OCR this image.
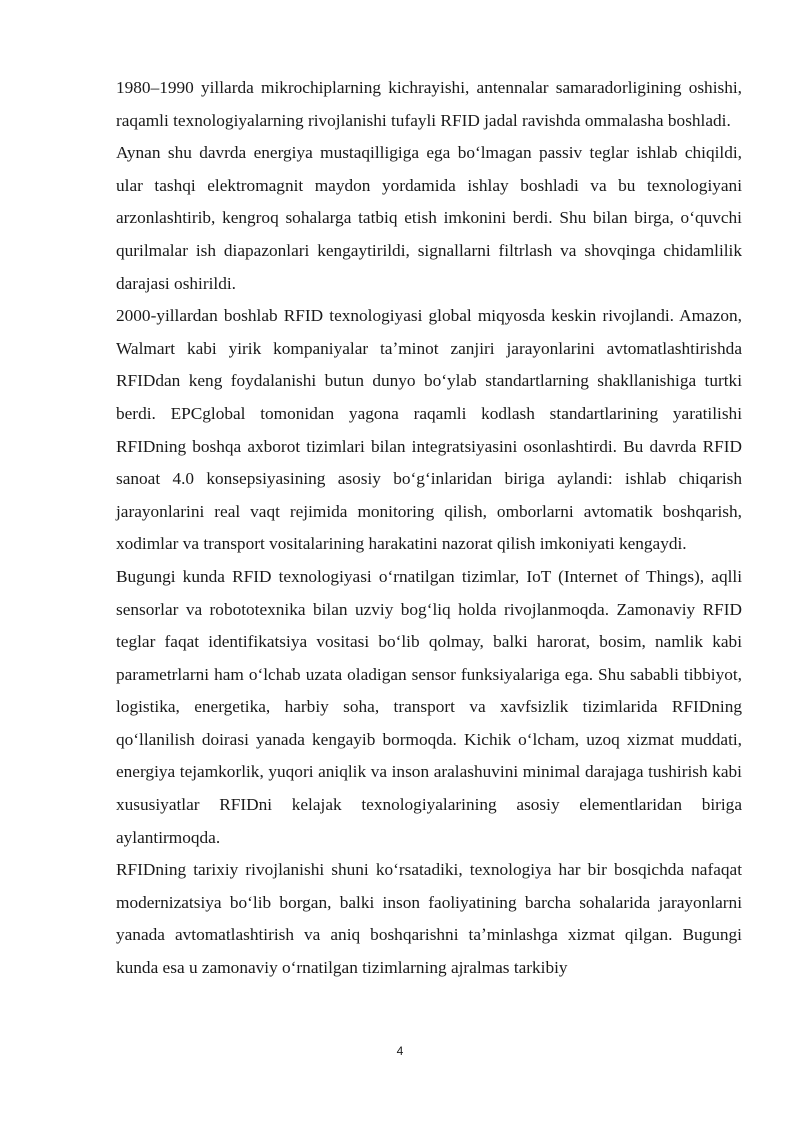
1980–1990 yillarda mikrochiplarning kichrayishi, antennalar samaradorligining oshishi, raqamli texnologiyalarning rivojlanishi tufayli RFID jadal ravishda ommalasha boshladi.

Aynan shu davrda energiya mustaqilligiga ega boʻlmagan passiv teglar ishlab chiqildi, ular tashqi elektromagnit maydon yordamida ishlay boshladi va bu texnologiyani arzonlashtirib, kengroq sohalarga tatbiq etish imkonini berdi. Shu bilan birga, oʻquvchi qurilmalar ish diapazonlari kengaytirildi, signallarni filtrlash va shovqinga chidamlilik darajasi oshirildi.

2000-yillardan boshlab RFID texnologiyasi global miqyosda keskin rivojlandi. Amazon, Walmart kabi yirik kompaniyalar taʼminot zanjiri jarayonlarini avtomatlashtirishda RFIDdan keng foydalanishi butun dunyo boʻylab standartlarning shakllanishiga turtki berdi. EPCglobal tomonidan yagona raqamli kodlash standartlarining yaratilishi RFIDning boshqa axborot tizimlari bilan integratsiyasini osonlashtirdi. Bu davrda RFID sanoat 4.0 konsepsiyasining asosiy boʻgʻinlaridan biriga aylandi: ishlab chiqarish jarayonlarini real vaqt rejimida monitoring qilish, omborlarni avtomatik boshqarish, xodimlar va transport vositalarining harakatini nazorat qilish imkoniyati kengaydi.

Bugungi kunda RFID texnologiyasi oʻrnatilgan tizimlar, IoT (Internet of Things), aqlli sensorlar va robototexnika bilan uzviy bogʻliq holda rivojlanmoqda. Zamonaviy RFID teglar faqat identifikatsiya vositasi boʻlib qolmay, balki harorat, bosim, namlik kabi parametrlarni ham oʻlchab uzata oladigan sensor funksiyalariga ega. Shu sababli tibbiyot, logistika, energetika, harbiy soha, transport va xavfsizlik tizimlarida RFIDning qoʻllanilish doirasi yanada kengayib bormoqda. Kichik oʻlcham, uzoq xizmat muddati, energiya tejamkorlik, yuqori aniqlik va inson aralashuvini minimal darajaga tushirish kabi xususiyatlar RFIDni kelajak texnologiyalarining asosiy elementlaridan biriga aylantirmoqda.

RFIDning tarixiy rivojlanishi shuni koʻrsatadiki, texnologiya har bir bosqichda nafaqat modernizatsiya boʻlib borgan, balki inson faoliyatining barcha sohalarida jarayonlarni yanada avtomatlashtirish va aniq boshqarishni taʼminlashga xizmat qilgan. Bugungi kunda esa u zamonaviy oʻrnatilgan tizimlarning ajralmas tarkibiy

4
